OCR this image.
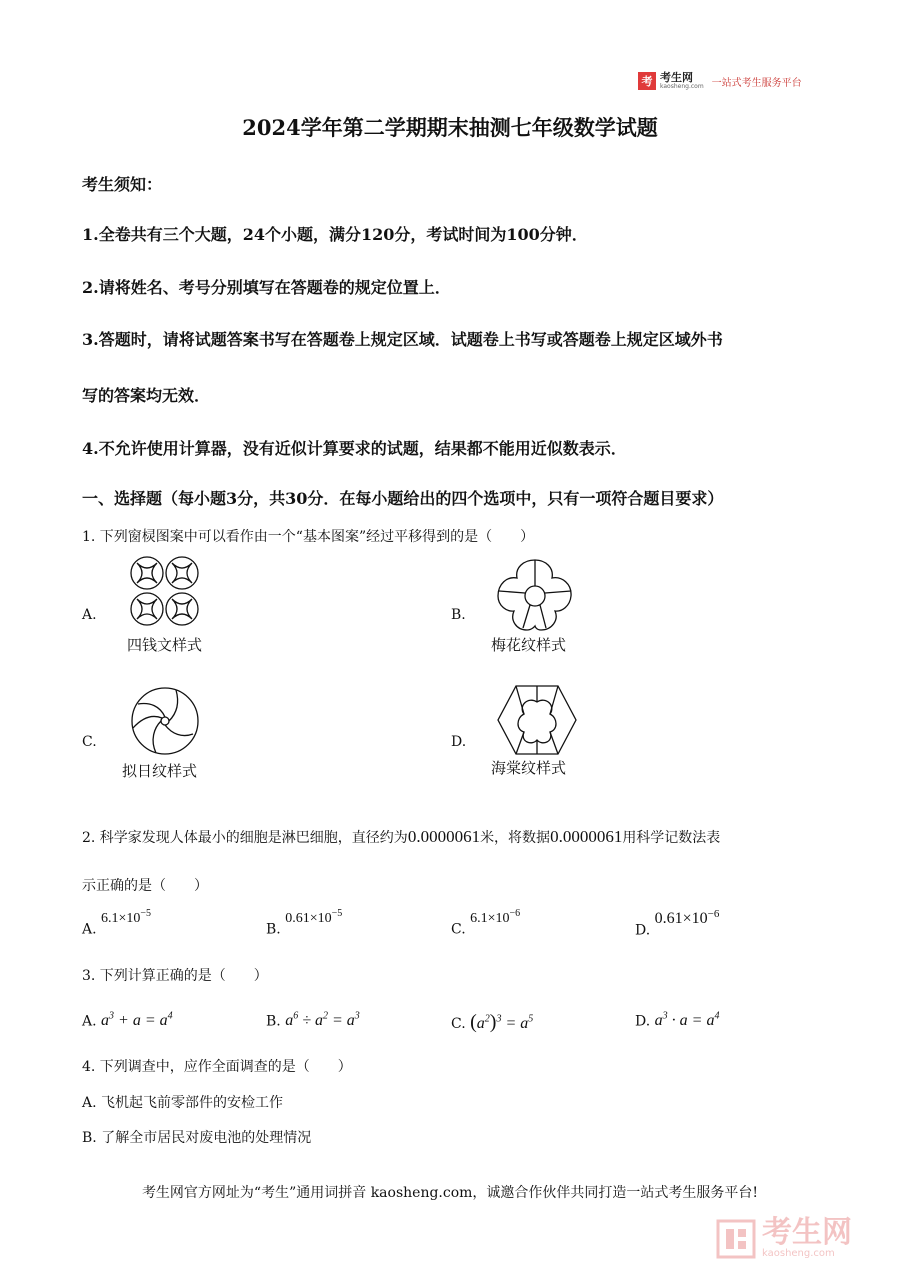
考 考生网
kaosheng.com 一站式考生服务平台
2024学年第二学期期末抽测七年级数学试题
考生须知：
1.全卷共有三个大题，24个小题，满分120分，考试时间为100分钟．
2.请将姓名、考号分别填写在答题卷的规定位置上．
3.答题时，请将试题答案书写在答题卷上规定区域．试题卷上书写或答题卷上规定区域外书
写的答案均无效．
4.不允许使用计算器，没有近似计算要求的试题，结果都不能用近似数表示．
一、选择题（每小题3分，共30分．在每小题给出的四个选项中，只有一项符合题目要求）
1. 下列窗棂图案中可以看作由一个“基本图案”经过平移得到的是（　　）
A.
四钱文样式
B.
梅花纹样式
C.
拟日纹样式
D.
海棠纹样式
2. 科学家发现人体最小的细胞是淋巴细胞，直径约为0.0000061米，将数据0.0000061用科学记数法表
示正确的是（　　）
A. $6.1\times 10^{-5}$
B. $0.61\times 10^{-5}$
C. $6.1\times 10^{-6}$
D. $0.61\times 10^{-6}$
3. 下列计算正确的是（　　）
A. $a^3 + a = a^4$	B. $a^6 \div a^2 = a^3$	C. $(a^2)^3 = a^5$	D. $a^3 \cdot a = a^4$
4. 下列调查中，应作全面调查的是（　　）
A. 飞机起飞前零部件的安检工作
B. 了解全市居民对废电池的处理情况
考生网官方网址为“考生”通用词拼音 kaosheng.com，诚邀合作伙伴共同打造一站式考生服务平台!
考生网
kaosheng.com
